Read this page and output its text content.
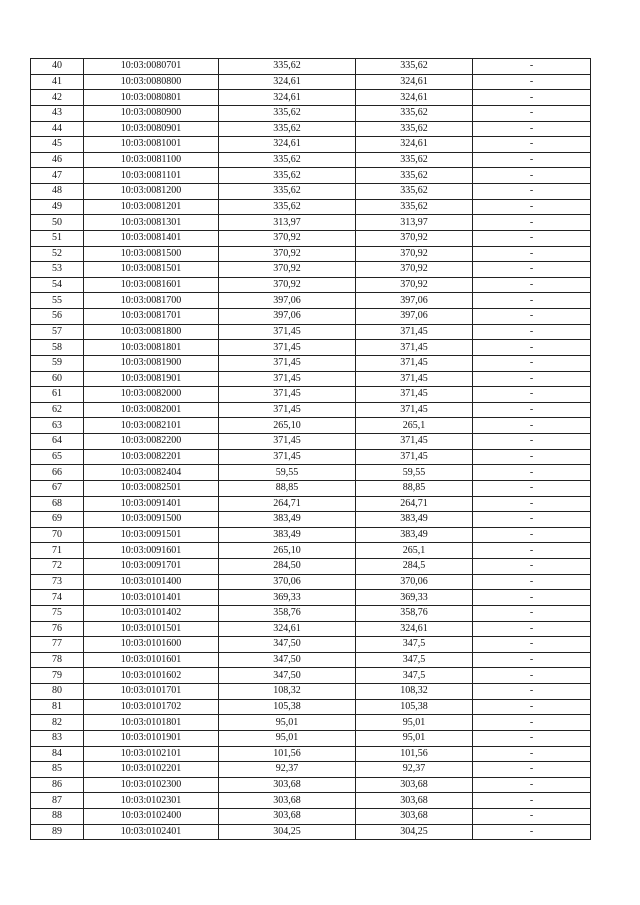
40	10:03:0080701	335,62	335,62	-
41	10:03:0080800	324,61	324,61	-
42	10:03:0080801	324,61	324,61	-
43	10:03:0080900	335,62	335,62	-
44	10:03:0080901	335,62	335,62	-
45	10:03:0081001	324,61	324,61	-
46	10:03:0081100	335,62	335,62	-
47	10:03:0081101	335,62	335,62	-
48	10:03:0081200	335,62	335,62	-
49	10:03:0081201	335,62	335,62	-
50	10:03:0081301	313,97	313,97	-
51	10:03:0081401	370,92	370,92	-
52	10:03:0081500	370,92	370,92	-
53	10:03:0081501	370,92	370,92	-
54	10:03:0081601	370,92	370,92	-
55	10:03:0081700	397,06	397,06	-
56	10:03:0081701	397,06	397,06	-
57	10:03:0081800	371,45	371,45	-
58	10:03:0081801	371,45	371,45	-
59	10:03:0081900	371,45	371,45	-
60	10:03:0081901	371,45	371,45	-
61	10:03:0082000	371,45	371,45	-
62	10:03:0082001	371,45	371,45	-
63	10:03:0082101	265,10	265,1	-
64	10:03:0082200	371,45	371,45	-
65	10:03:0082201	371,45	371,45	-
66	10:03:0082404	59,55	59,55	-
67	10:03:0082501	88,85	88,85	-
68	10:03:0091401	264,71	264,71	-
69	10:03:0091500	383,49	383,49	-
70	10:03:0091501	383,49	383,49	-
71	10:03:0091601	265,10	265,1	-
72	10:03:0091701	284,50	284,5	-
73	10:03:0101400	370,06	370,06	-
74	10:03:0101401	369,33	369,33	-
75	10:03:0101402	358,76	358,76	-
76	10:03:0101501	324,61	324,61	-
77	10:03:0101600	347,50	347,5	-
78	10:03:0101601	347,50	347,5	-
79	10:03:0101602	347,50	347,5	-
80	10:03:0101701	108,32	108,32	-
81	10:03:0101702	105,38	105,38	-
82	10:03:0101801	95,01	95,01	-
83	10:03:0101901	95,01	95,01	-
84	10:03:0102101	101,56	101,56	-
85	10:03:0102201	92,37	92,37	-
86	10:03:0102300	303,68	303,68	-
87	10:03:0102301	303,68	303,68	-
88	10:03:0102400	303,68	303,68	-
89	10:03:0102401	304,25	304,25	-
